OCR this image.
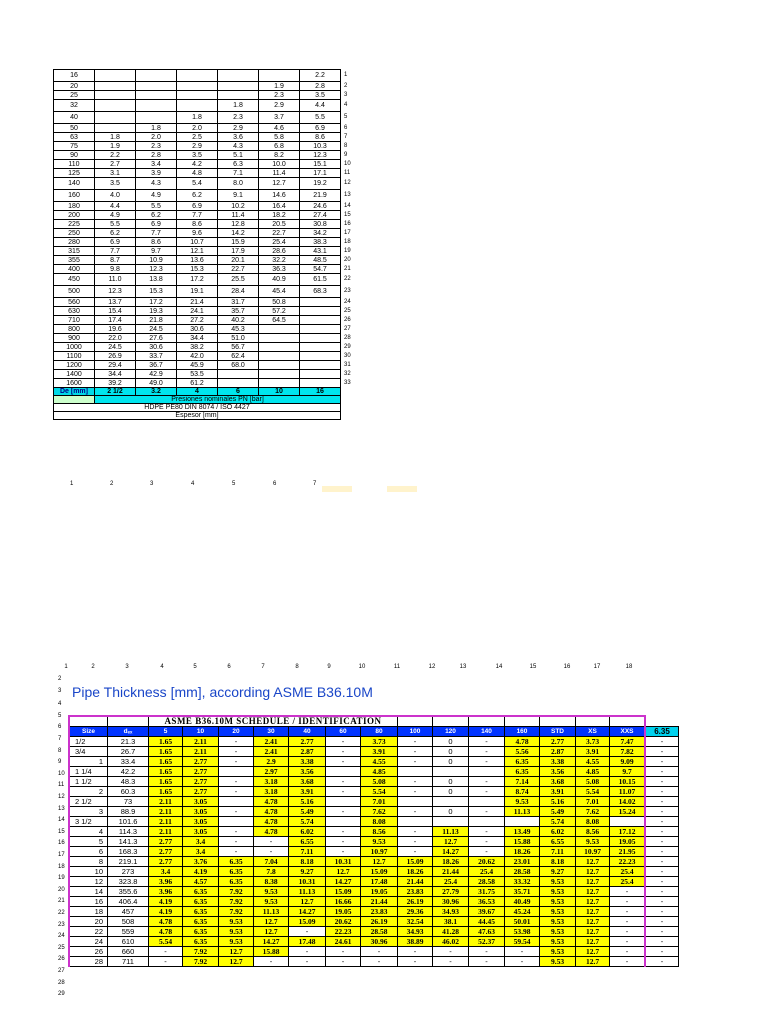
16						2.2	1
20					1.9	2.8	2
25					2.3	3.5	3
32				1.8	2.9	4.4	4
40			1.8	2.3	3.7	5.5	5
50		1.8	2.0	2.9	4.6	6.9	6
63	1.8	2.0	2.5	3.6	5.8	8.6	7
75	1.9	2.3	2.9	4.3	6.8	10.3	8
90	2.2	2.8	3.5	5.1	8.2	12.3	9
110	2.7	3.4	4.2	6.3	10.0	15.1	10
125	3.1	3.9	4.8	7.1	11.4	17.1	11
140	3.5	4.3	5.4	8.0	12.7	19.2	12
160	4.0	4.9	6.2	9.1	14.6	21.9	13
180	4.4	5.5	6.9	10.2	16.4	24.6	14
200	4.9	6.2	7.7	11.4	18.2	27.4	15
225	5.5	6.9	8.6	12.8	20.5	30.8	16
250	6.2	7.7	9.6	14.2	22.7	34.2	17
280	6.9	8.6	10.7	15.9	25.4	38.3	18
315	7.7	9.7	12.1	17.9	28.6	43.1	19
355	8.7	10.9	13.6	20.1	32.2	48.5	20
400	9.8	12.3	15.3	22.7	36.3	54.7	21
450	11.0	13.8	17.2	25.5	40.9	61.5	22
500	12.3	15.3	19.1	28.4	45.4	68.3	23
560	13.7	17.2	21.4	31.7	50.8		24
630	15.4	19.3	24.1	35.7	57.2		25
710	17.4	21.8	27.2	40.2	64.5		26
800	19.6	24.5	30.6	45.3			27
900	22.0	27.6	34.4	51.0			28
1000	24.5	30.6	38.2	56.7			29
1100	26.9	33.7	42.0	62.4			30
1200	29.4	36.7	45.9	68.0			31
1400	34.4	42.9	53.5				32
1600	39.2	49.0	61.2				33
De [mm]	2 1/2	3.2	4	6	10	16	
	Presiones nominales PN [bar]						
HDPE PE80 DIN 8074 / ISO 4427							
Espesor [mm]							
1	2	3	4	5	6	7
1	2	3	4	5	6	7	8	9	10	11	12	13	14	15	16	17	18
2
3
4
5
6
7
8
9
10
11
12
13
14
15
16
17
18
19
20
21
22
23
24
25
26
27
28
29
Pipe Thickness [mm], according ASME B36.10M
		ASME B36.10M SCHEDULE / IDENTIFICATION														
Size	dₑₓ	5	10	20	30	40	60	80	100	120	140	160	STD	XS	XXS	6.35
1/2	21.3	1.65	2.11	-	2.41	2.77	-	3.73	-	0	-	4.78	2.77	3.73	7.47	-
3/4	26.7	1.65	2.11	-	2.41	2.87	-	3.91	-	0	-	5.56	2.87	3.91	7.82	-
1	33.4	1.65	2.77	-	2.9	3.38	-	4.55	-	0	-	6.35	3.38	4.55	9.09	-
1 1/4	42.2	1.65	2.77		2.97	3.56		4.85				6.35	3.56	4.85	9.7	-
1 1/2	48.3	1.65	2.77	-	3.18	3.68	-	5.08	-	0	-	7.14	3.68	5.08	10.15	-
2	60.3	1.65	2.77	-	3.18	3.91	-	5.54	-	0	-	8.74	3.91	5.54	11.07	-
2 1/2	73	2.11	3.05		4.78	5.16		7.01				9.53	5.16	7.01	14.02	-
3	88.9	2.11	3.05	-	4.78	5.49	-	7.62	-	0	-	11.13	5.49	7.62	15.24	-
3 1/2	101.6	2.11	3.05		4.78	5.74		8.08					5.74	8.08		-
4	114.3	2.11	3.05	-	4.78	6.02	-	8.56	-	11.13	-	13.49	6.02	8.56	17.12	-
5	141.3	2.77	3.4	-	-	6.55	-	9.53	-	12.7	-	15.88	6.55	9.53	19.05	-
6	168.3	2.77	3.4	-	-	7.11	-	10.97	-	14.27	-	18.26	7.11	10.97	21.95	-
8	219.1	2.77	3.76	6.35	7.04	8.18	10.31	12.7	15.09	18.26	20.62	23.01	8.18	12.7	22.23	-
10	273	3.4	4.19	6.35	7.8	9.27	12.7	15.09	18.26	21.44	25.4	28.58	9.27	12.7	25.4	-
12	323.8	3.96	4.57	6.35	8.38	10.31	14.27	17.48	21.44	25.4	28.58	33.32	9.53	12.7	25.4	-
14	355.6	3.96	6.35	7.92	9.53	11.13	15.09	19.05	23.83	27.79	31.75	35.71	9.53	12.7	-	-
16	406.4	4.19	6.35	7.92	9.53	12.7	16.66	21.44	26.19	30.96	36.53	40.49	9.53	12.7	-	-
18	457	4.19	6.35	7.92	11.13	14.27	19.05	23.83	29.36	34.93	39.67	45.24	9.53	12.7	-	-
20	508	4.78	6.35	9.53	12.7	15.09	20.62	26.19	32.54	38.1	44.45	50.01	9.53	12.7	-	-
22	559	4.78	6.35	9.53	12.7	-	22.23	28.58	34.93	41.28	47.63	53.98	9.53	12.7	-	-
24	610	5.54	6.35	9.53	14.27	17.48	24.61	30.96	38.89	46.02	52.37	59.54	9.53	12.7	-	-
26	660	-	7.92	12.7	15.88	-	-	-	-	-	-	-	9.53	12.7	-	-
28	711	-	7.92	12.7	-	-	-	-	-	-	-	-	9.53	12.7	-	-
